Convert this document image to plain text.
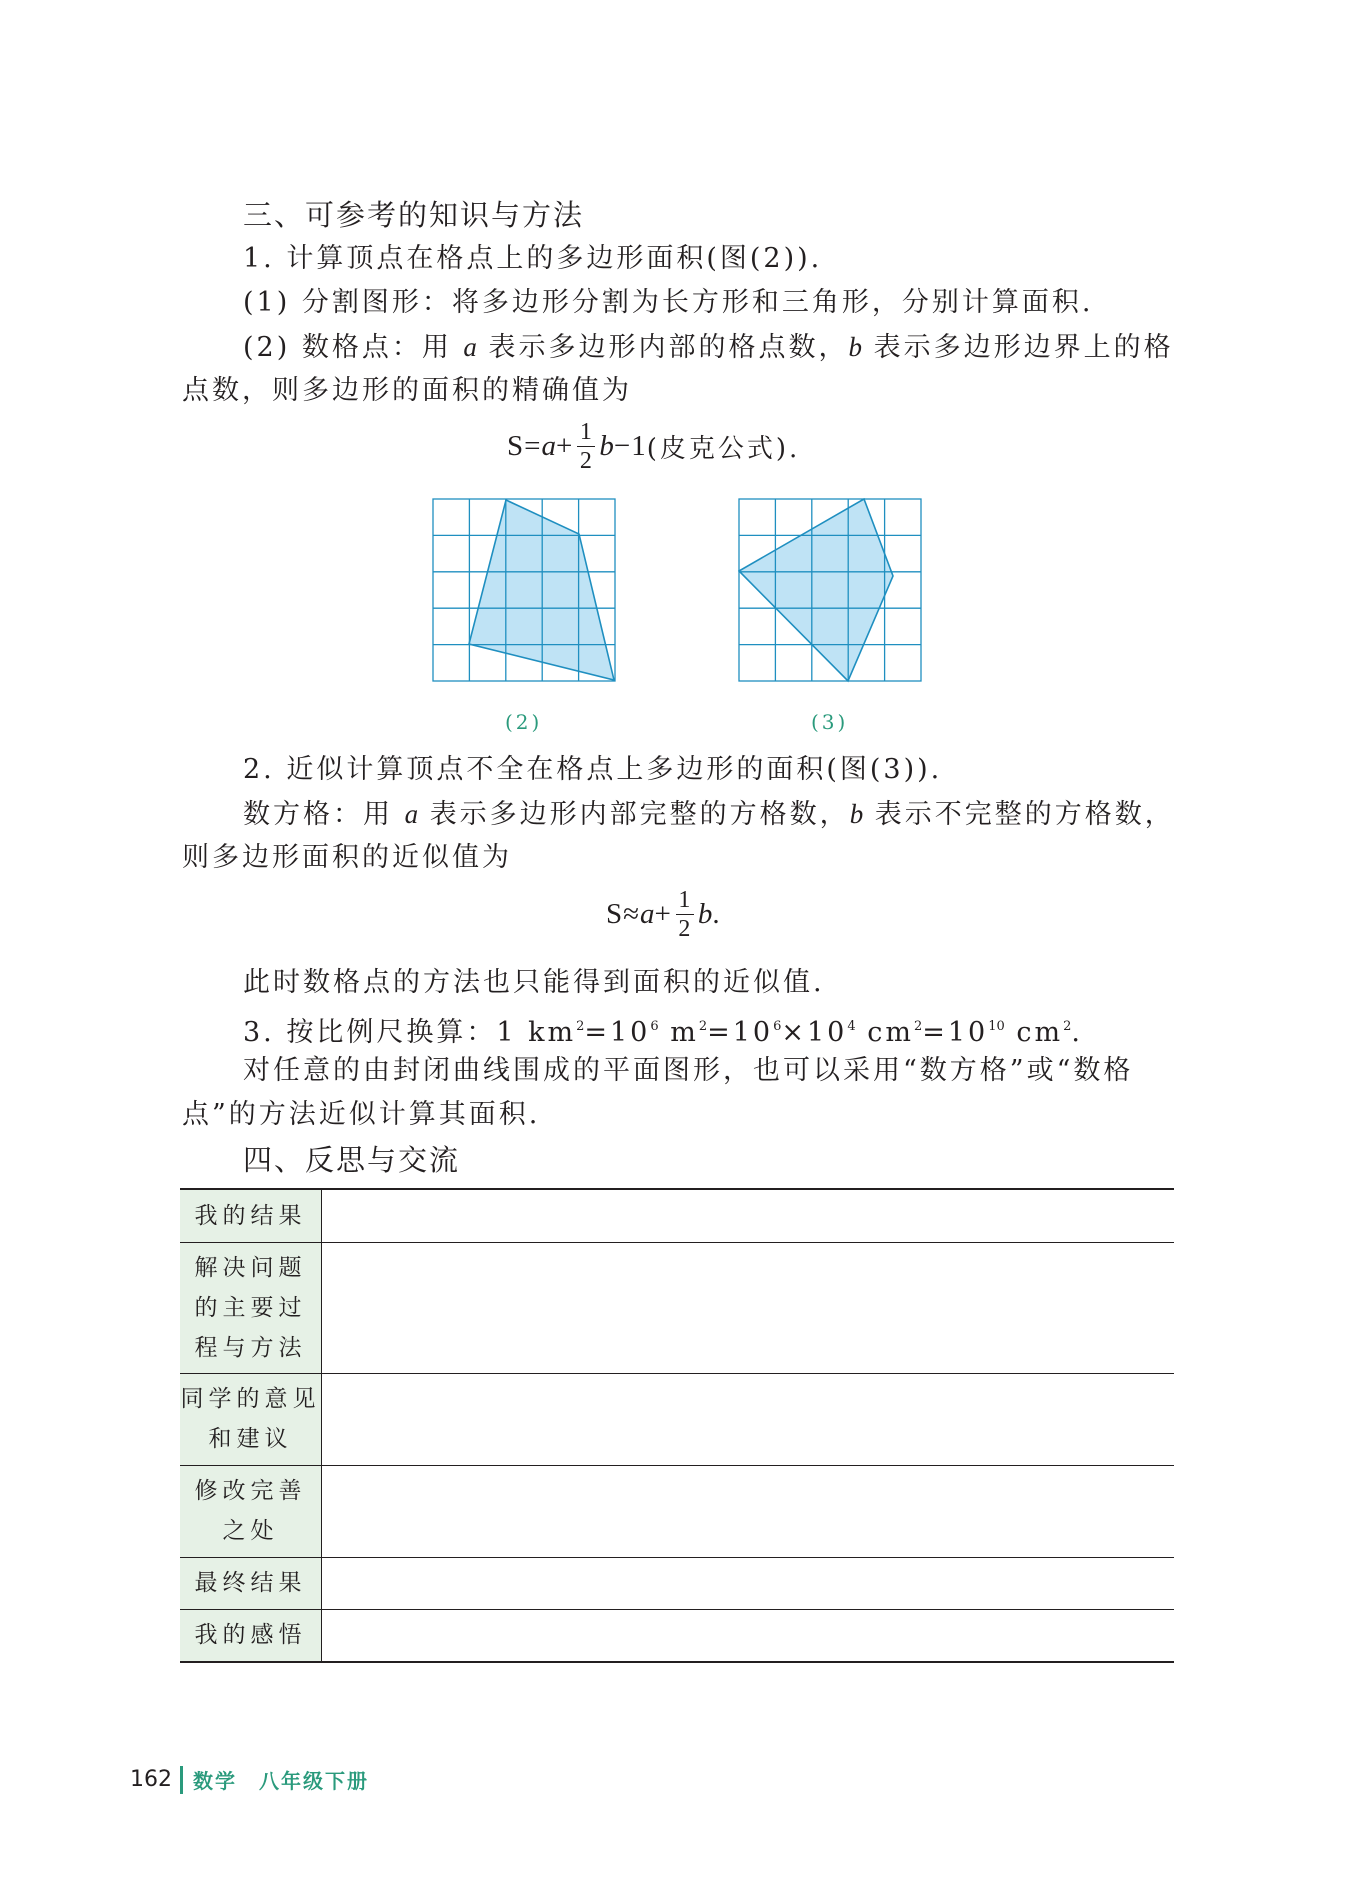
三、可参考的知识与方法
1. 计算顶点在格点上的多边形面积(图(2)).
(1) 分割图形：将多边形分割为长方形和三角形，分别计算面积.
(2) 数格点：用 a 表示多边形内部的格点数，b 表示多边形边界上的格
点数，则多边形的面积的精确值为
$S= a + \frac{1}{2}$ b −1 (皮克公式).
(2)	(3)
2. 近似计算顶点不全在格点上多边形的面积(图(3)).
数方格：用 a 表示多边形内部完整的方格数，b 表示不完整的方格数，
则多边形面积的近似值为
$S\approx a + \frac{1}{2}$ b .
此时数格点的方法也只能得到面积的近似值.
3. 按比例尺换算：1 $km^2=10^6$ $m^2=10^6\times 10^4$ $cm^2=10^{10}$ $cm^2$.
对任意的由封闭曲线围成的平面图形，也可以采用“数方格”或“数格
点”的方法近似计算其面积.
四、反思与交流
我的结果	

解决问题
的主要过
程与方法	

同学的意见
和建议	

修改完善
之处	

最终结果	

我的感悟	

162 数学 八年级下册
